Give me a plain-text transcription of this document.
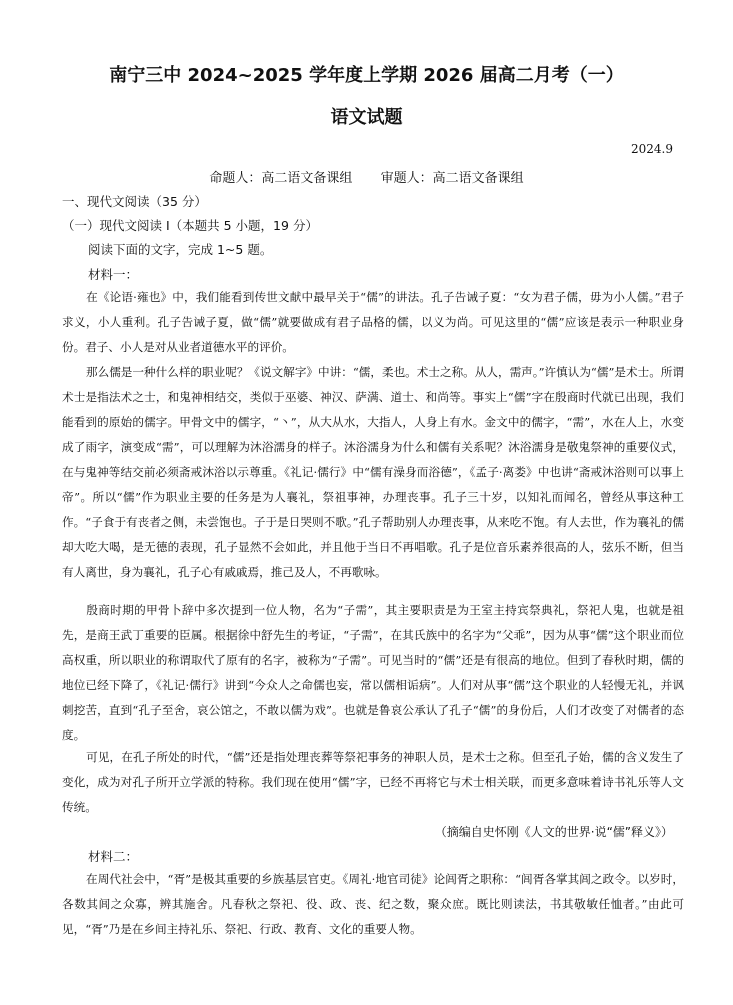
南宁三中 2024~2025 学年度上学期 2026 届高二月考（一）
语文试题
2024.9
命题人：高二语文备课组 审题人：高二语文备课组
一、现代文阅读（35 分）
（一）现代文阅读 I（本题共 5 小题，19 分）
阅读下面的文字，完成 1~5 题。
材料一：
在《论语·雍也》中，我们能看到传世文献中最早关于“儒”的讲法。孔子告诫子夏：“女为君子儒，毋为小人儒。”君子求义，小人重利。孔子告诫子夏，做“儒”就要做成有君子品格的儒，以义为尚。可见这里的“儒”应该是表示一种职业身份。君子、小人是对从业者道德水平的评价。
那么儒是一种什么样的职业呢？《说文解字》中讲：“儒，柔也。术士之称。从人，需声。”许慎认为“儒”是术士。所谓术士是指法术之士，和鬼神相结交，类似于巫婆、神汉、萨满、道士、和尚等。事实上“儒”字在殷商时代就已出现，我们能看到的原始的儒字。甲骨文中的儒字，“⼂”，从大从水，大指人，人身上有水。金文中的儒字，“需”，水在人上，水变成了雨字，演变成“需”，可以理解为沐浴濡身的样子。沐浴濡身为什么和儒有关系呢？沐浴濡身是敬鬼祭神的重要仪式，在与鬼神等结交前必须斋戒沐浴以示尊重。《礼记·儒行》中“儒有澡身而浴德”，《孟子·离娄》中也讲“斋戒沐浴则可以事上帝”。所以“儒”作为职业主要的任务是为人襄礼，祭祖事神，办理丧事。孔子三十岁，以知礼而闻名，曾经从事这种工作。“子食于有丧者之侧，未尝饱也。子于是日哭则不歌。”孔子帮助别人办理丧事，从来吃不饱。有人去世，作为襄礼的儒却大吃大喝，是无德的表现，孔子显然不会如此，并且他于当日不再唱歌。孔子是位音乐素养很高的人，弦乐不断，但当有人离世，身为襄礼，孔子心有戚戚焉，推己及人，不再歌咏。
殷商时期的甲骨卜辞中多次提到一位人物，名为“子需”，其主要职责是为王室主持宾祭典礼，祭祀人鬼，也就是祖先，是商王武丁重要的臣属。根据徐中舒先生的考证，“子需”，在其氏族中的名字为“父乖”，因为从事“儒”这个职业而位高权重，所以职业的称谓取代了原有的名字，被称为“子需”。可见当时的“儒”还是有很高的地位。但到了春秋时期，儒的地位已经下降了，《礼记·儒行》讲到“今众人之命儒也妄，常以儒相诟病”。人们对从事“儒”这个职业的人轻慢无礼，并讽刺挖苦，直到“孔子至舍，哀公馆之，不敢以儒为戏”。也就是鲁哀公承认了孔子“儒”的身份后，人们才改变了对儒者的态度。
可见，在孔子所处的时代，“儒”还是指处理丧葬等祭祀事务的神职人员，是术士之称。但至孔子始，儒的含义发生了变化，成为对孔子所开立学派的特称。我们现在使用“儒”字，已经不再将它与术士相关联，而更多意味着诗书礼乐等人文传统。
（摘编自史怀刚《人文的世界·说“儒”释义》）
材料二：
在周代社会中，“胥”是极其重要的乡族基层官吏。《周礼·地官司徒》论闾胥之职称：“闾胥各掌其闾之政令。以岁时，各数其闾之众寡，辨其施舍。凡春秋之祭祀、役、政、丧、纪之数，聚众庶。既比则读法，书其敬敏任恤者。”由此可见，“胥”乃是在乡间主持礼乐、祭祀、行政、教育、文化的重要人物。
